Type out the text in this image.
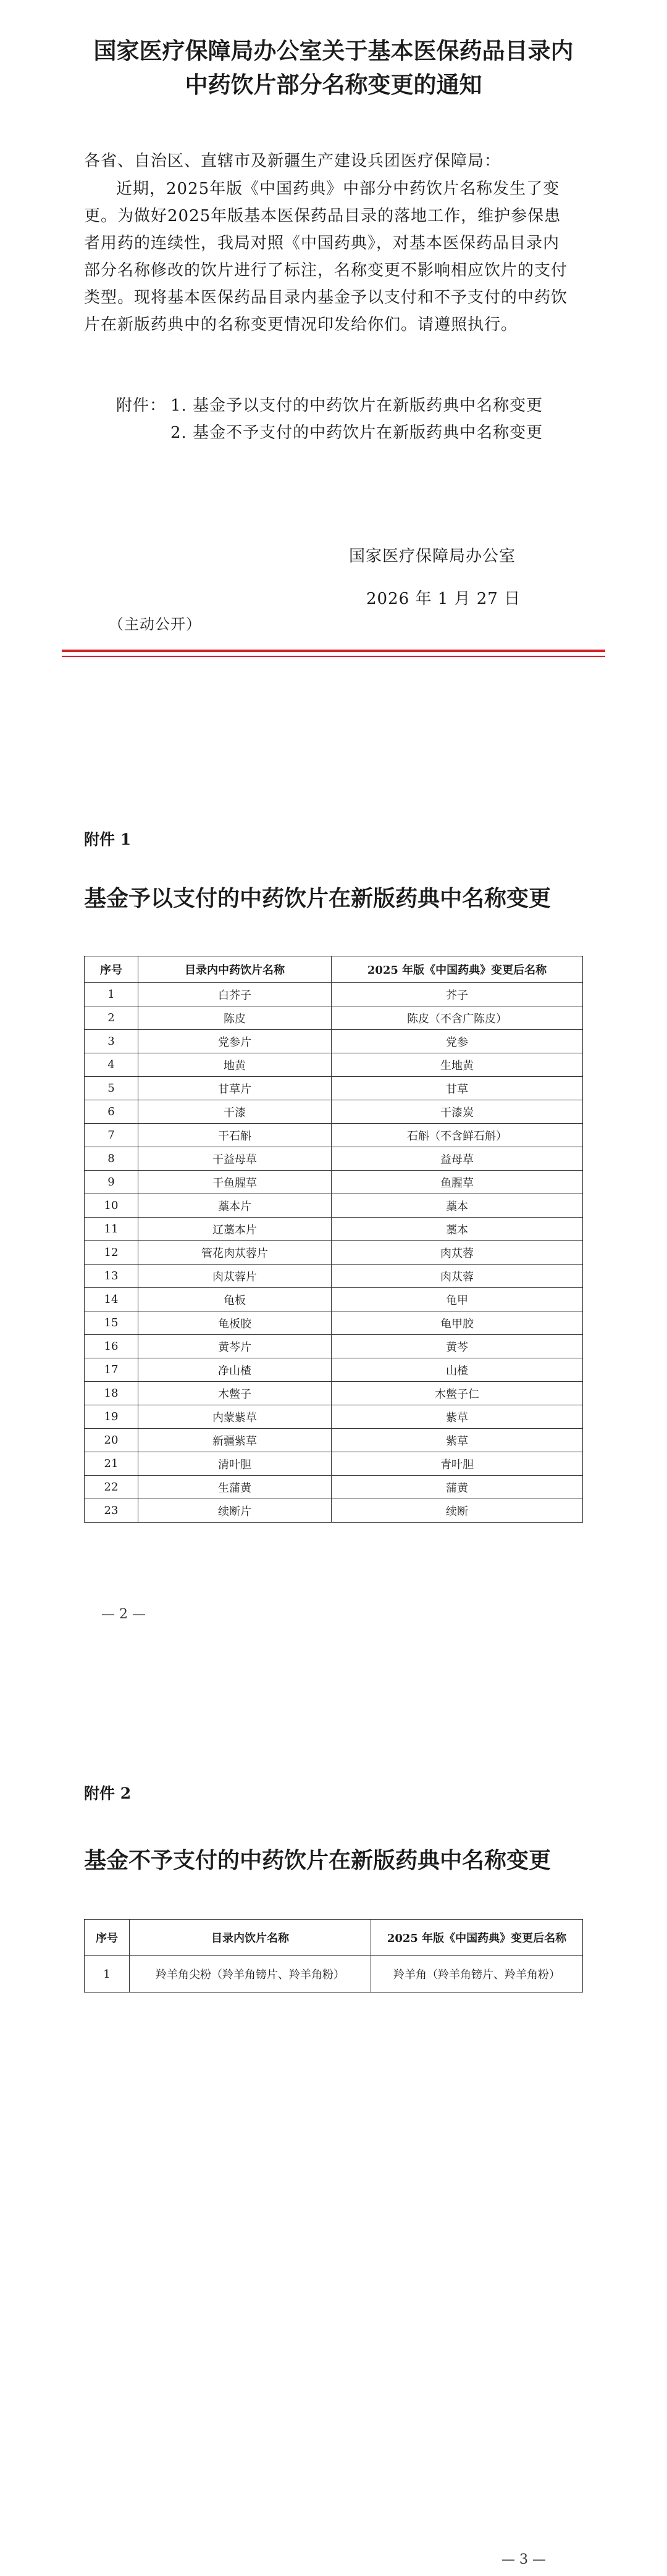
国家医疗保障局办公室关于基本医保药品目录内
中药饮片部分名称变更的通知
各省、自治区、直辖市及新疆生产建设兵团医疗保障局：
近期，2025年版《中国药典》中部分中药饮片名称发生了变
更。为做好2025年版基本医保药品目录的落地工作，维护参保患
者用药的连续性，我局对照《中国药典》，对基本医保药品目录内
部分名称修改的饮片进行了标注，名称变更不影响相应饮片的支付
类型。现将基本医保药品目录内基金予以支付和不予支付的中药饮
片在新版药典中的名称变更情况印发给你们。请遵照执行。
附件： 1. 基金予以支付的中药饮片在新版药典中名称变更
2. 基金不予支付的中药饮片在新版药典中名称变更
国家医疗保障局办公室
2026 年 1 月 27 日
（主动公开）
附件 1
基金予以支付的中药饮片在新版药典中名称变更
序号	目录内中药饮片名称	2025 年版《中国药典》变更后名称
1	白芥子	芥子
2	陈皮	陈皮（不含广陈皮）
3	党参片	党参
4	地黄	生地黄
5	甘草片	甘草
6	干漆	干漆炭
7	干石斛	石斛（不含鲜石斛）
8	干益母草	益母草
9	干鱼腥草	鱼腥草
10	藁本片	藁本
11	辽藁本片	藁本
12	管花肉苁蓉片	肉苁蓉
13	肉苁蓉片	肉苁蓉
14	龟板	龟甲
15	龟板胶	龟甲胶
16	黄芩片	黄芩
17	净山楂	山楂
18	木鳖子	木鳖子仁
19	内蒙紫草	紫草
20	新疆紫草	紫草
21	清叶胆	青叶胆
22	生蒲黄	蒲黄
23	续断片	续断
— 2 —
附件 2
基金不予支付的中药饮片在新版药典中名称变更
序号	目录内饮片名称	2025 年版《中国药典》变更后名称
1	羚羊角尖粉（羚羊角镑片、羚羊角粉）	羚羊角（羚羊角镑片、羚羊角粉）
— 3 —
